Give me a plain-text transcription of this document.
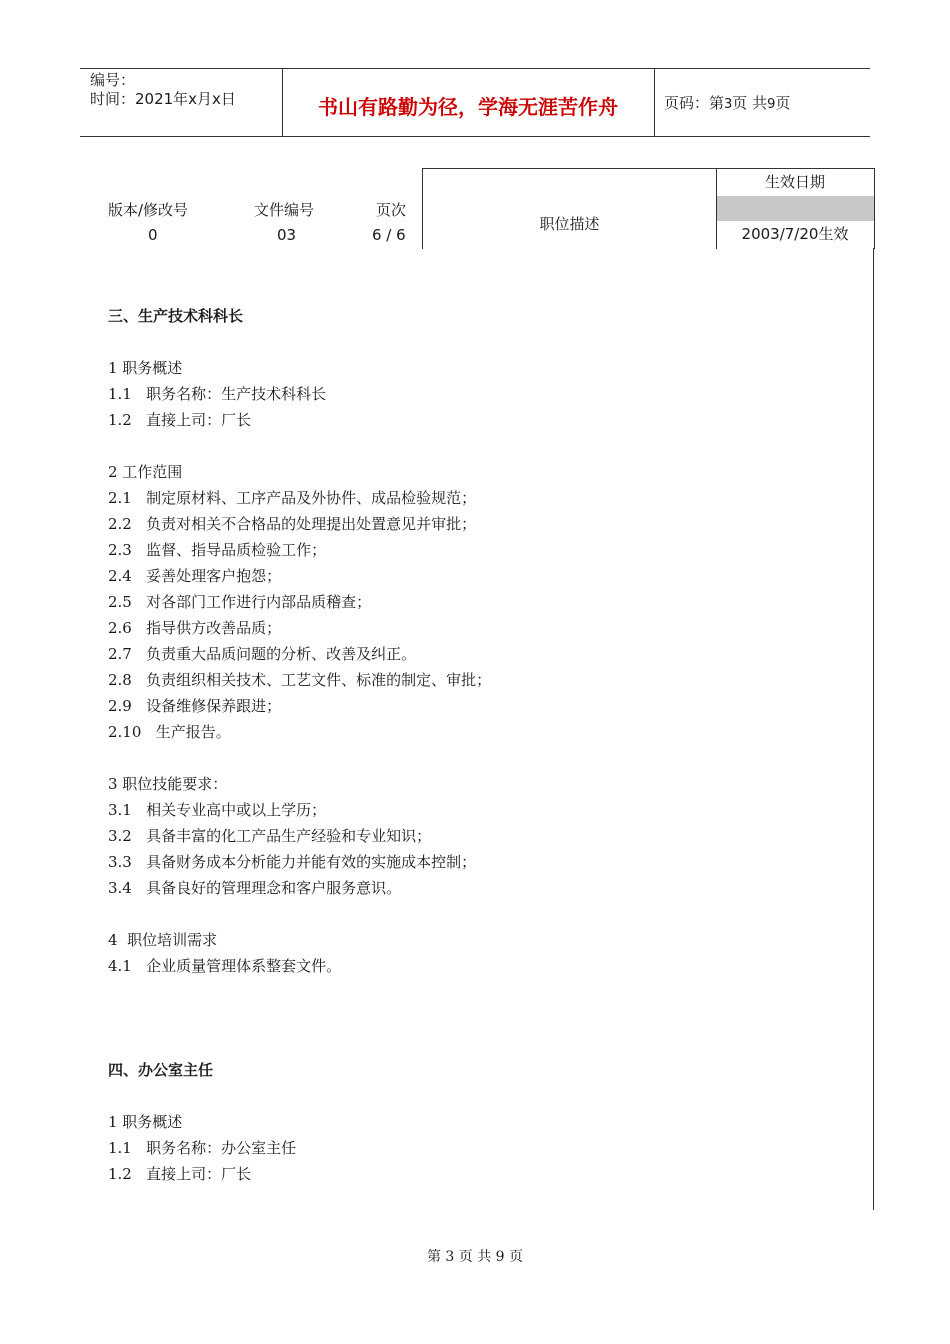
编号：
时间：2021年x月x日	书山有路勤为径，学海无涯苦作舟	页码：第3页 共9页
版本/修改号
0
文件编号
03
页次
6 / 6
职位描述
生效日期
2003/7/20生效
三、生产技术科科长
1 职务概述
1.1 职务名称：生产技术科科长
1.2 直接上司：厂长
2 工作范围
2.1 制定原材料、工序产品及外协件、成品检验规范；
2.2 负责对相关不合格品的处理提出处置意见并审批；
2.3 监督、指导品质检验工作；
2.4 妥善处理客户抱怨；
2.5 对各部门工作进行内部品质稽查；
2.6 指导供方改善品质；
2.7 负责重大品质问题的分析、改善及纠正。
2.8 负责组织相关技术、工艺文件、标准的制定、审批；
2.9 设备维修保养跟进；
2.10 生产报告。
3 职位技能要求：
3.1 相关专业高中或以上学历；
3.2 具备丰富的化工产品生产经验和专业知识；
3.3 具备财务成本分析能力并能有效的实施成本控制；
3.4 具备良好的管理理念和客户服务意识。
4  职位培训需求
4.1 企业质量管理体系整套文件。
四、办公室主任
1 职务概述
1.1 职务名称：办公室主任
1.2 直接上司：厂长
第 3 页 共 9 页
